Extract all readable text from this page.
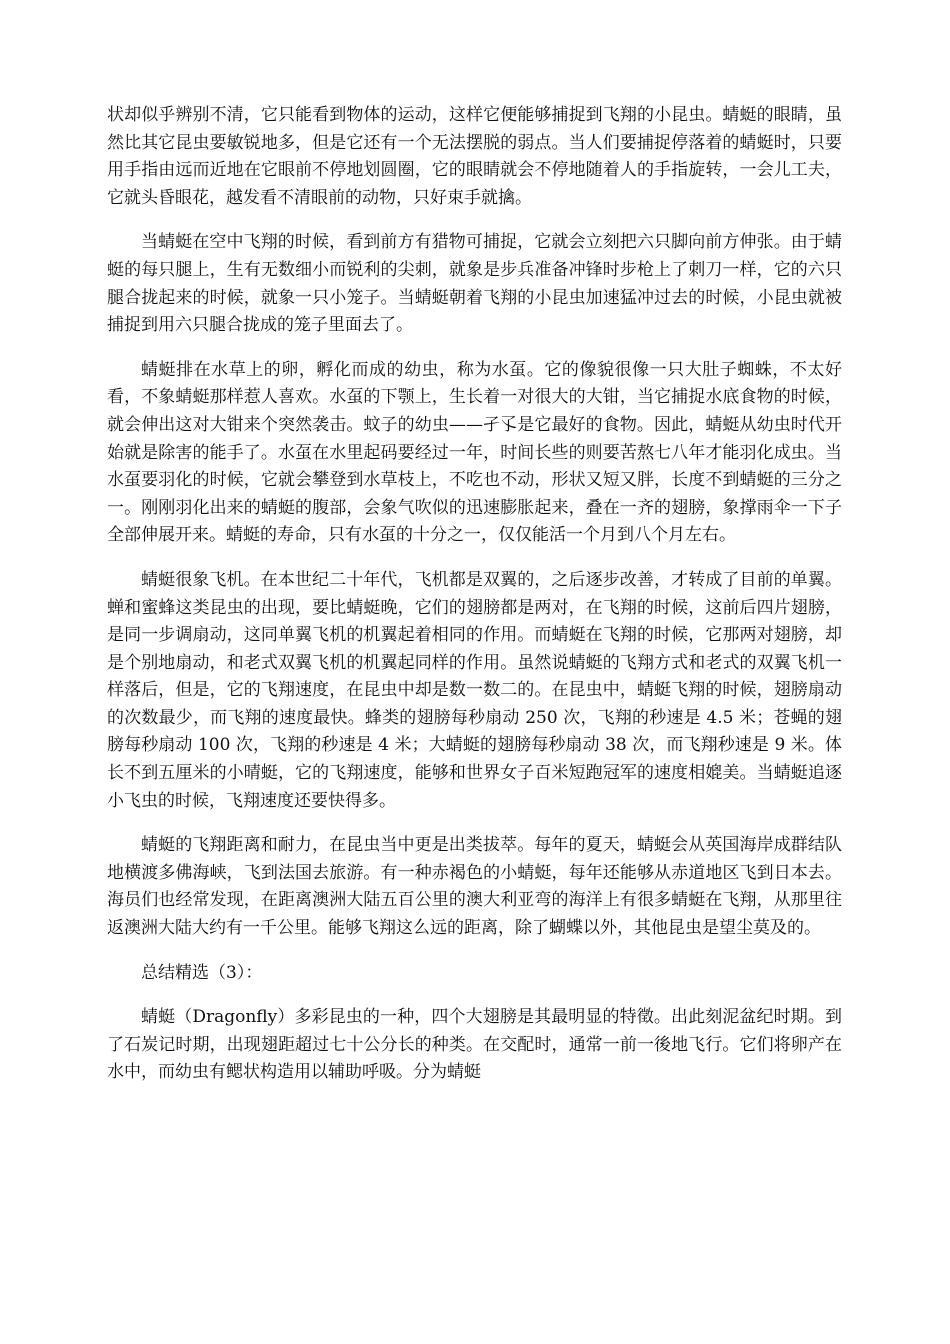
状却似乎辨别不清，它只能看到物体的运动，这样它便能够捕捉到飞翔的小昆虫。蜻蜓的眼睛，虽然比其它昆虫要敏锐地多，但是它还有一个无法摆脱的弱点。当人们要捕捉停落着的蜻蜓时，只要用手指由远而近地在它眼前不停地划圆圈，它的眼睛就会不停地随着人的手指旋转，一会儿工夫，它就头昏眼花，越发看不清眼前的动物，只好束手就擒。

当蜻蜓在空中飞翔的时候，看到前方有猎物可捕捉，它就会立刻把六只脚向前方伸张。由于蜻蜓的每只腿上，生有无数细小而锐利的尖刺，就象是步兵准备冲锋时步枪上了刺刀一样，它的六只腿合拢起来的时候，就象一只小笼子。当蜻蜓朝着飞翔的小昆虫加速猛冲过去的时候，小昆虫就被捕捉到用六只腿合拢成的笼子里面去了。

蜻蜓排在水草上的卵，孵化而成的幼虫，称为水虿。它的像貌很像一只大肚子蜘蛛，不太好看，不象蜻蜓那样惹人喜欢。水虿的下颚上，生长着一对很大的大钳，当它捕捉水底食物的时候，就会伸出这对大钳来个突然袭击。蚊子的幼虫——孑孓是它最好的食物。因此，蜻蜓从幼虫时代开始就是除害的能手了。水虿在水里起码要经过一年，时间长些的则要苦熬七八年才能羽化成虫。当水虿要羽化的时候，它就会攀登到水草枝上，不吃也不动，形状又短又胖，长度不到蜻蜓的三分之一。刚刚羽化出来的蜻蜓的腹部，会象气吹似的迅速膨胀起来，叠在一齐的翅膀，象撑雨伞一下子全部伸展开来。蜻蜓的寿命，只有水虿的十分之一，仅仅能活一个月到八个月左右。

蜻蜓很象飞机。在本世纪二十年代，飞机都是双翼的，之后逐步改善，才转成了目前的单翼。蝉和蜜蜂这类昆虫的出现，要比蜻蜓晚，它们的翅膀都是两对，在飞翔的时候，这前后四片翅膀，是同一步调扇动，这同单翼飞机的机翼起着相同的作用。而蜻蜓在飞翔的时候，它那两对翅膀，却是个别地扇动，和老式双翼飞机的机翼起同样的作用。虽然说蜻蜓的飞翔方式和老式的双翼飞机一样落后，但是，它的飞翔速度，在昆虫中却是数一数二的。在昆虫中，蜻蜓飞翔的时候，翅膀扇动的次数最少，而飞翔的速度最快。蜂类的翅膀每秒扇动 250 次，飞翔的秒速是 4.5 米；苍蝇的翅膀每秒扇动 100 次，飞翔的秒速是 4 米；大蜻蜓的翅膀每秒扇动 38 次，而飞翔秒速是 9 米。体长不到五厘米的小晴蜓，它的飞翔速度，能够和世界女子百米短跑冠军的速度相媲美。当蜻蜓追逐小飞虫的时候，飞翔速度还要快得多。

蜻蜓的飞翔距离和耐力，在昆虫当中更是出类拔萃。每年的夏天，蜻蜓会从英国海岸成群结队地横渡多佛海峡，飞到法国去旅游。有一种赤褐色的小蜻蜓，每年还能够从赤道地区飞到日本去。海员们也经常发现，在距离澳洲大陆五百公里的澳大利亚弯的海洋上有很多蜻蜓在飞翔，从那里往返澳洲大陆大约有一千公里。能够飞翔这么远的距离，除了蝴蝶以外，其他昆虫是望尘莫及的。

总结精选（3）：

蜻蜓（Dragonfly）多彩昆虫的一种，四个大翅膀是其最明显的特徵。出此刻泥盆纪时期。到了石炭记时期，出现翅距超过七十公分长的种类。在交配时，通常一前一後地飞行。它们将卵产在水中，而幼虫有鳃状构造用以辅助呼吸。分为蜻蜓
